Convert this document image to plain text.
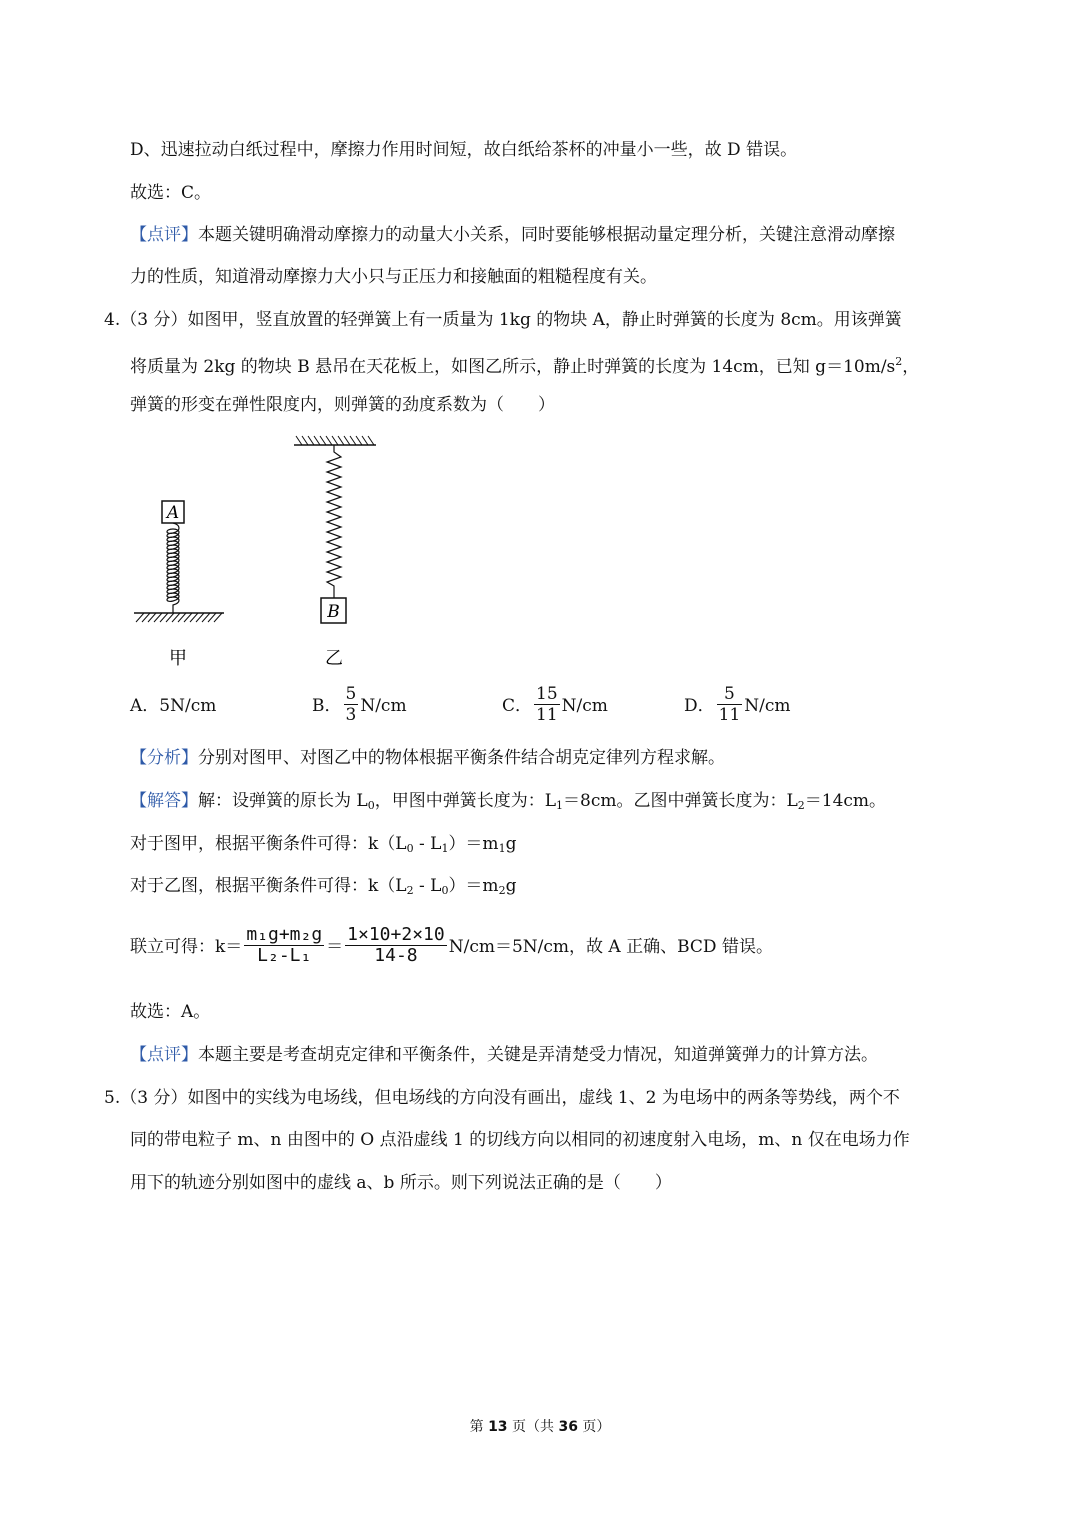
D、迅速拉动白纸过程中，摩擦力作用时间短，故白纸给茶杯的冲量小一些，故 D 错误。
故选：C。
【点评】本题关键明确滑动摩擦力的动量大小关系，同时要能够根据动量定理分析，关键注意滑动摩擦
力的性质，知道滑动摩擦力大小只与正压力和接触面的粗糙程度有关。
4.（3 分）如图甲，竖直放置的轻弹簧上有一质量为 1kg 的物块 A，静止时弹簧的长度为 8cm。用该弹簧
将质量为 2kg 的物块 B 悬吊在天花板上，如图乙所示，静止时弹簧的长度为 14cm，已知 $g=10m/s^2$，
弹簧的形变在弹性限度内，则弹簧的劲度系数为（　　）
A
甲
B
乙
A．5N/cm	B． $\frac{5}{3} N/cm$	C． $\frac{15}{11} N/cm$	D． $\frac{5}{11} N/cm$
【分析】分别对图甲、对图乙中的物体根据平衡条件结合胡克定律列方程求解。
【解答】解：设弹簧的原长为 $L_0$，甲图中弹簧长度为：$L_1=8cm$。乙图中弹簧长度为：$L_2=14cm$。
对于图甲，根据平衡条件可得：$k(L_0 - L_1)=m_1g$
对于乙图，根据平衡条件可得：$k(L_2 - L_0)=m_2g$
联立可得：$k= \frac{\text{m₁g+m₂g}}{\text{L₂-L₁}} = \frac{1\times 10+2\times 10}{14-8} N/cm=5N/cm$，故 A 正确、BCD 错误。
故选：A。
【点评】本题主要是考查胡克定律和平衡条件，关键是弄清楚受力情况，知道弹簧弹力的计算方法。
5.（3 分）如图中的实线为电场线，但电场线的方向没有画出，虚线 1、2 为电场中的两条等势线，两个不
同的带电粒子 m、n 由图中的 O 点沿虚线 1 的切线方向以相同的初速度射入电场，m、n 仅在电场力作
用下的轨迹分别如图中的虚线 a、b 所示。则下列说法正确的是（　　）
第 13 页（共 36 页）
